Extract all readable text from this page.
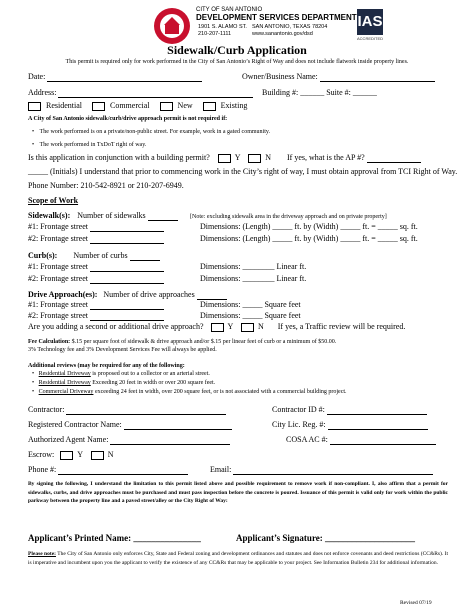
CITY OF SAN ANTONIO
DEVELOPMENT SERVICES DEPARTMENT
1901 S. ALAMO ST.
210-207-1111
SAN ANTONIO, TEXAS 78204
www.sanantonio.gov/dsd
IAS
ACCREDITED
Sidewalk/Curb Application
This permit is required only for work performed in the City of San Antonio’s Right of Way and does not include flatwork inside property lines.
Date:	Owner/Business Name:
Address:	Building #: ______ Suite #: ______
Residential	Commercial	New	Existing
A City of San Antonio sidewalk/curb/drive approach permit is not required if:
• The work performed is on a private/non-public street. For example, work in a gated community.
• The work performed in TxDoT right of way.
Is this application in conjunction with a building permit?	Y	N If yes, what is the AP #?
_____ (Initials) I understand that prior to commencing work in the City’s right of way, I must obtain approval from TCI Right of Way.
Phone Number: 210-542-8921 or 210-207-6949.
Scope of Work
Sidewalk(s): Number of sidewalks	[Note: excluding sidewalk area in the driveway approach and on private property]
#1: Frontage street	Dimensions: (Length) _____ ft. by (Width) _____ ft. = _____ sq. ft.
#2: Frontage street	Dimensions: (Length) _____ ft. by (Width) _____ ft. = _____ sq. ft.
Curb(s): Number of curbs
#1: Frontage street	Dimensions: ________ Linear ft.
#2: Frontage street	Dimensions: ________ Linear ft.
Drive Approach(es): Number of drive approaches
#1: Frontage street	Dimensions: _____ Square feet
#2: Frontage street	Dimensions: _____ Square feet
Are you adding a second or additional drive approach?	Y	N If yes, a Traffic review will be required.
Fee Calculation: $.15 per square foot of sidewalk & drive approach and/or $.15 per linear feet of curb or a minimum of $50.00.
3% Technology fee and 3% Development Services Fee will always be applied.
Additional reviews (may be required for any of the following:
• Residential Driveway is proposed out to a collector or an arterial street.
• Residential Driveway Exceeding 20 feet in width or over 200 square feet.
• Commercial Driveway exceeding 24 feet in width, over 200 square feet, or is not associated with a commercial building project.
Contractor:	Contractor ID #:
Registered Contractor Name:	City Lic. Reg. #:
Authorized Agent Name:	COSA AC #:
Escrow:	Y	N
Phone #:	Email:
By signing the following, I understand the limitation to this permit listed above and possible requirement to remove work if non-compliant. I, also affirm that a permit for sidewalks, curbs, and drive approaches must be purchased and must pass inspection before the concrete is poured. Issuance of this permit is valid only for work within the public parkway between the property line and a paved street/alley or the City Right of Way:
Applicant’s Printed Name: _______________	Applicant’s Signature: ____________________
Please note: The City of San Antonio only enforces City, State and Federal zoning and development ordinances and statutes and does not enforce covenants and deed restrictions (CC&Rs). It is imperative and incumbent upon you the applicant to verify the existence of any CC&Rs that may be applicable to your project. See Information Bulletin 234 for additional information.
Revised 07/19
